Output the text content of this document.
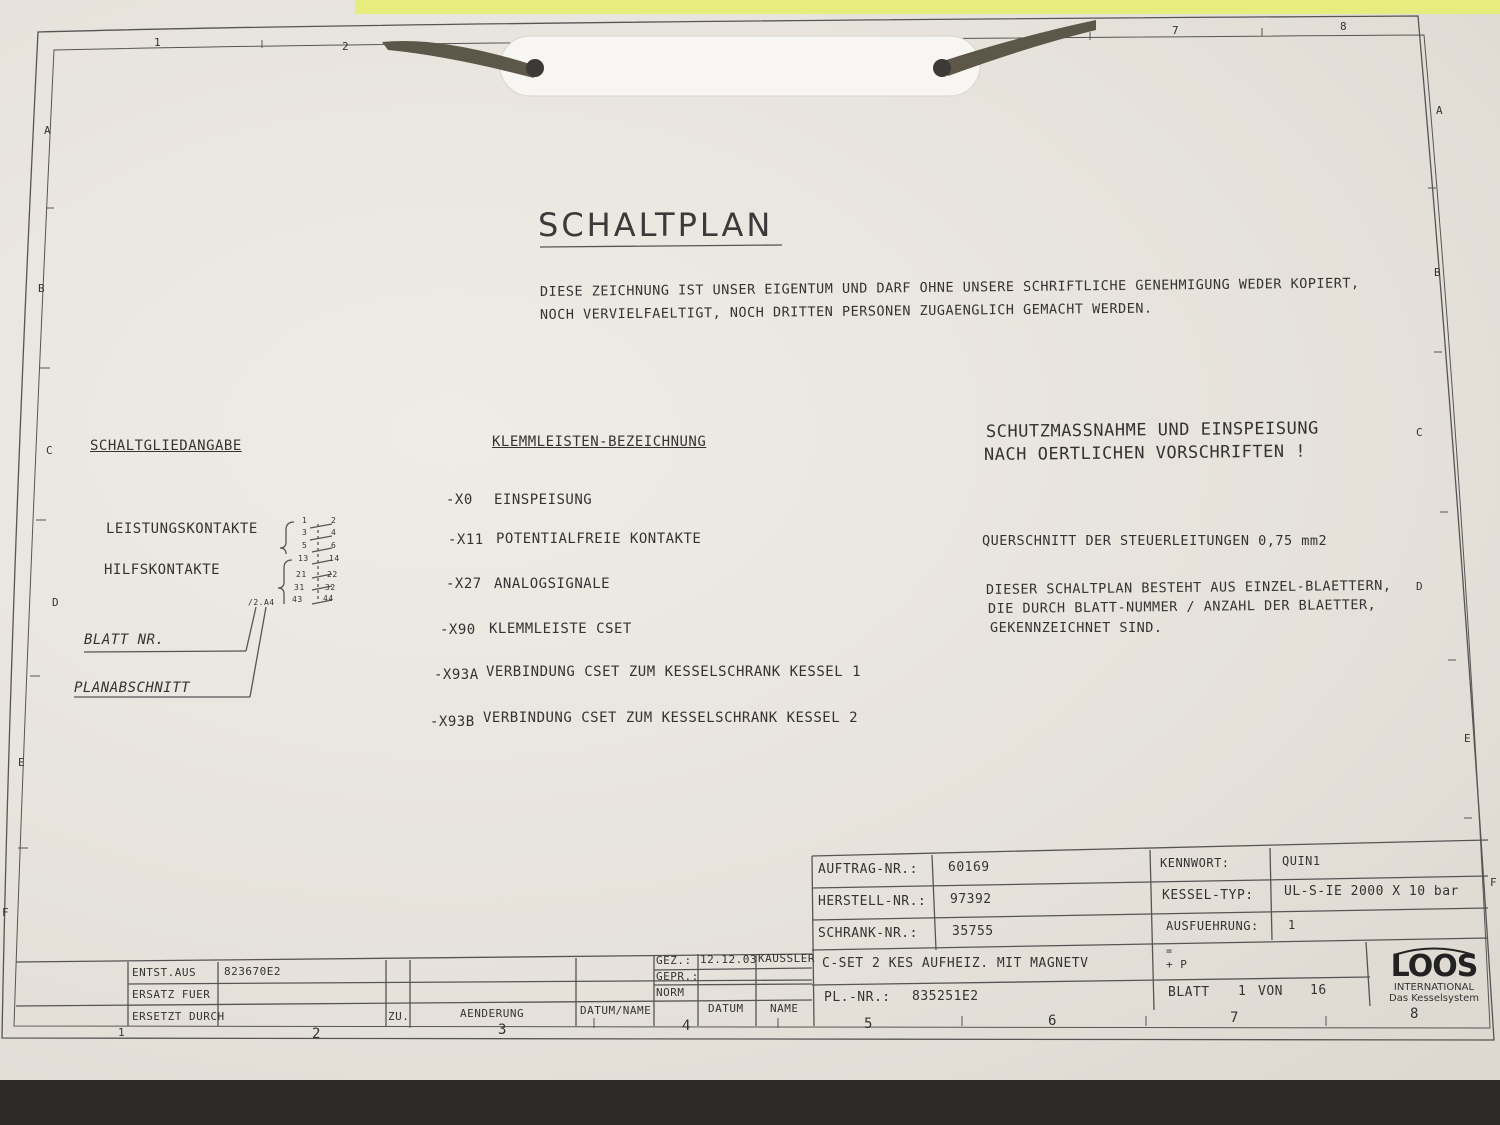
1	2
7	8
1	2	3	4	5	6	7	8
A
B
C
D
E
F
A
B
C
D
E
F
SCHALTPLAN
DIESE ZEICHNUNG IST UNSER EIGENTUM UND DARF OHNE UNSERE SCHRIFTLICHE GENEHMIGUNG WEDER KOPIERT,
NOCH VERVIELFAELTIGT, NOCH DRITTEN PERSONEN ZUGAENGLICH GEMACHT WERDEN.
SCHALTGLIEDANGABE
LEISTUNGSKONTAKTE
HILFSKONTAKTE
BLATT NR.
PLANABSCHNITT
/2.A4
1	2
3	4
5	6
13	14
21	22
31	32
43	44
KLEMMLEISTEN-BEZEICHNUNG
-X0 EINSPEISUNG
-X11 POTENTIALFREIE KONTAKTE
-X27 ANALOGSIGNALE
-X90 KLEMMLEISTE CSET
-X93A VERBINDUNG CSET ZUM KESSELSCHRANK KESSEL 1
-X93B VERBINDUNG CSET ZUM KESSELSCHRANK KESSEL 2
SCHUTZMASSNAHME UND EINSPEISUNG
NACH OERTLICHEN VORSCHRIFTEN !
QUERSCHNITT DER STEUERLEITUNGEN 0,75 mm2
DIESER SCHALTPLAN BESTEHT AUS EINZEL-BLAETTERN,
DIE DURCH BLATT-NUMMER / ANZAHL DER BLAETTER,
GEKENNZEICHNET SIND.
AUFTRAG-NR.: 60169
HERSTELL-NR.: 97392
SCHRANK-NR.:	35755
KENNWORT:	QUIN1
KESSEL-TYP: UL-S-IE 2000 X 10 bar
AUSFUEHRUNG: 1
C-SET 2 KES AUFHEIZ. MIT MAGNETV
=
+ P
PL.-NR.: 835251E2	BLATT 1 VON 16
GEZ.: 12.12.03 KAUSSLER
GEPR.:
NORM
DATUM NAME
ENTST.AUS	823670E2
ERSATZ FUER
ERSETZT DURCH	ZU.	AENDERUNG	DATUM/NAME
LOOS
INTERNATIONAL
Das Kesselsystem
